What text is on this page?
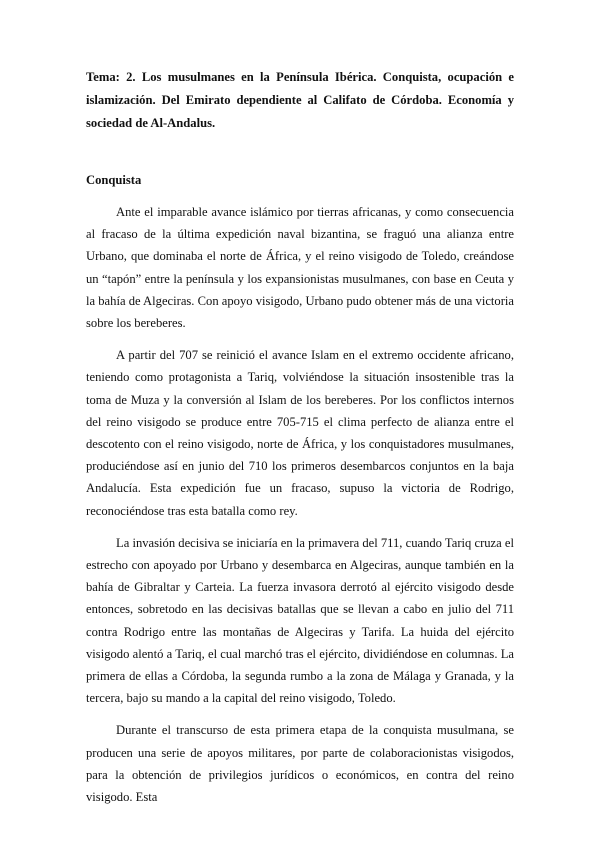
Tema: 2. Los musulmanes en la Península Ibérica. Conquista, ocupación e islamización. Del Emirato dependiente al Califato de Córdoba. Economía y sociedad de Al-Andalus.

Conquista

Ante el imparable avance islámico por tierras africanas, y como consecuencia al fracaso de la última expedición naval bizantina, se fraguó una alianza entre Urbano, que dominaba el norte de África, y el reino visigodo de Toledo, creándose un “tapón” entre la península y los expansionistas musulmanes, con base en Ceuta y la bahía de Algeciras. Con apoyo visigodo, Urbano pudo obtener más de una victoria sobre los bereberes.

A partir del 707 se reinició el avance Islam en el extremo occidente africano, teniendo como protagonista a Tariq, volviéndose la situación insostenible tras la toma de Muza y la conversión al Islam de los bereberes. Por los conflictos internos del reino visigodo se produce entre 705-715 el clima perfecto de alianza entre el descotento con el reino visigodo, norte de África, y los conquistadores musulmanes, produciéndose así en junio del 710 los primeros desembarcos conjuntos en la baja Andalucía. Esta expedición fue un fracaso, supuso la victoria de Rodrigo, reconociéndose tras esta batalla como rey.

La invasión decisiva se iniciaría en la primavera del 711, cuando Tariq cruza el estrecho con apoyado por Urbano y desembarca en Algeciras, aunque también en la bahía de Gibraltar y Carteia. La fuerza invasora derrotó al ejército visigodo desde entonces, sobretodo en las decisivas batallas que se llevan a cabo en julio del 711 contra Rodrigo entre las montañas de Algeciras y Tarifa. La huida del ejército visigodo alentó a Tariq, el cual marchó tras el ejército, dividiéndose en columnas. La primera de ellas a Córdoba, la segunda rumbo a la zona de Málaga y Granada, y la tercera, bajo su mando a la capital del reino visigodo, Toledo.

Durante el transcurso de esta primera etapa de la conquista musulmana, se producen una serie de apoyos militares, por parte de colaboracionistas visigodos, para la obtención de privilegios jurídicos o económicos, en contra del reino visigodo. Esta
